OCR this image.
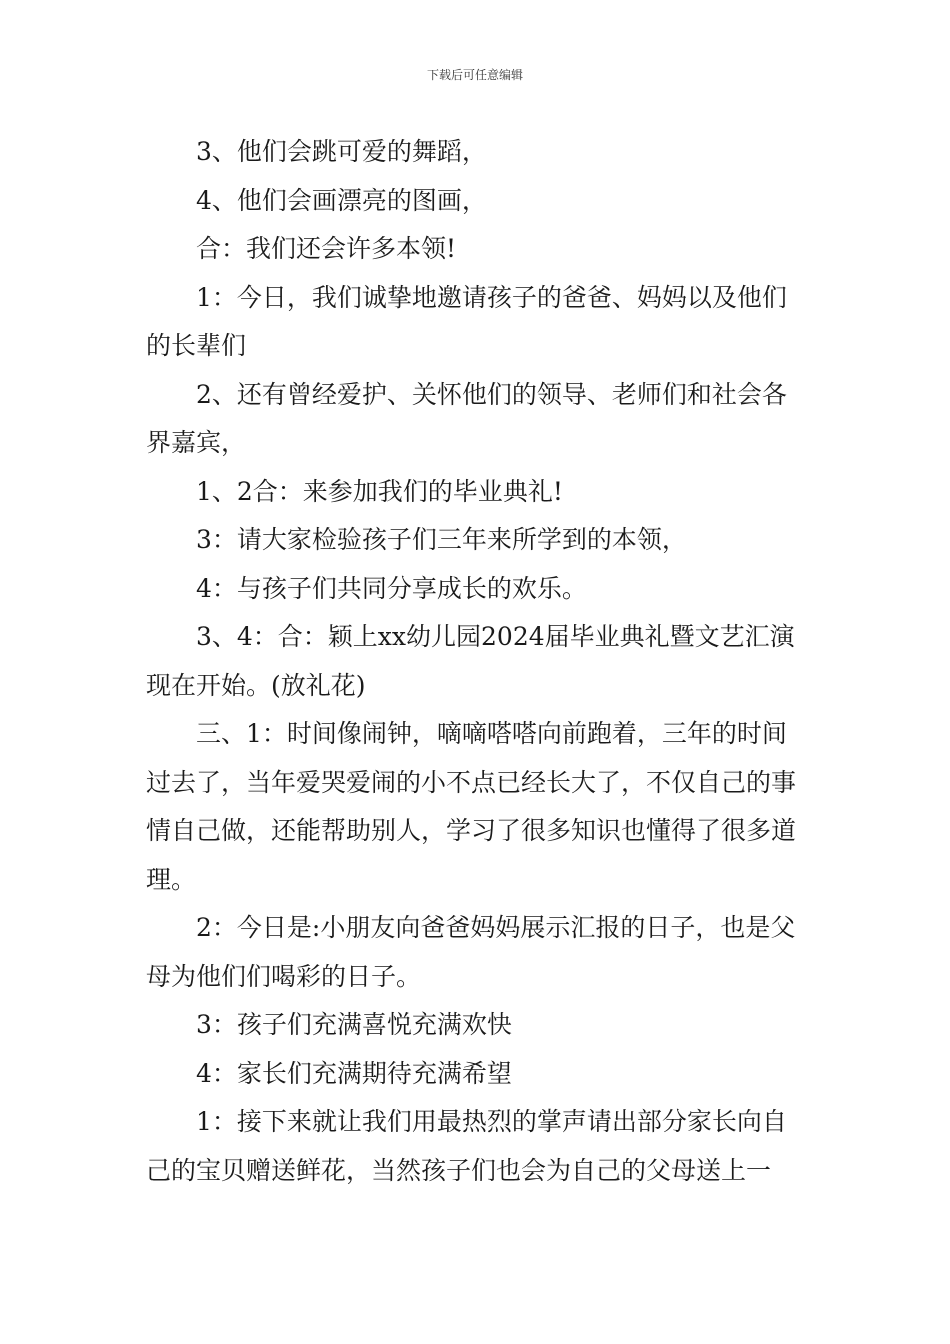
下载后可任意编辑

3、他们会跳可爱的舞蹈，

4、他们会画漂亮的图画，

合：我们还会许多本领!

1：今日，我们诚挚地邀请孩子的爸爸、妈妈以及他们的长辈们

2、还有曾经爱护、关怀他们的领导、老师们和社会各界嘉宾，

1、2合：来参加我们的毕业典礼!

3：请大家检验孩子们三年来所学到的本领，

4：与孩子们共同分享成长的欢乐。

3、4：合：颖上xx幼儿园2024届毕业典礼暨文艺汇演现在开始。(放礼花)

三、1：时间像闹钟，嘀嘀嗒嗒向前跑着，三年的时间过去了，当年爱哭爱闹的小不点已经长大了，不仅自己的事情自己做，还能帮助别人，学习了很多知识也懂得了很多道理。

2：今日是:小朋友向爸爸妈妈展示汇报的日子，也是父母为他们们喝彩的日子。

3：孩子们充满喜悦充满欢快

4：家长们充满期待充满希望

1：接下来就让我们用最热烈的掌声请出部分家长向自己的宝贝赠送鲜花，当然孩子们也会为自己的父母送上一
